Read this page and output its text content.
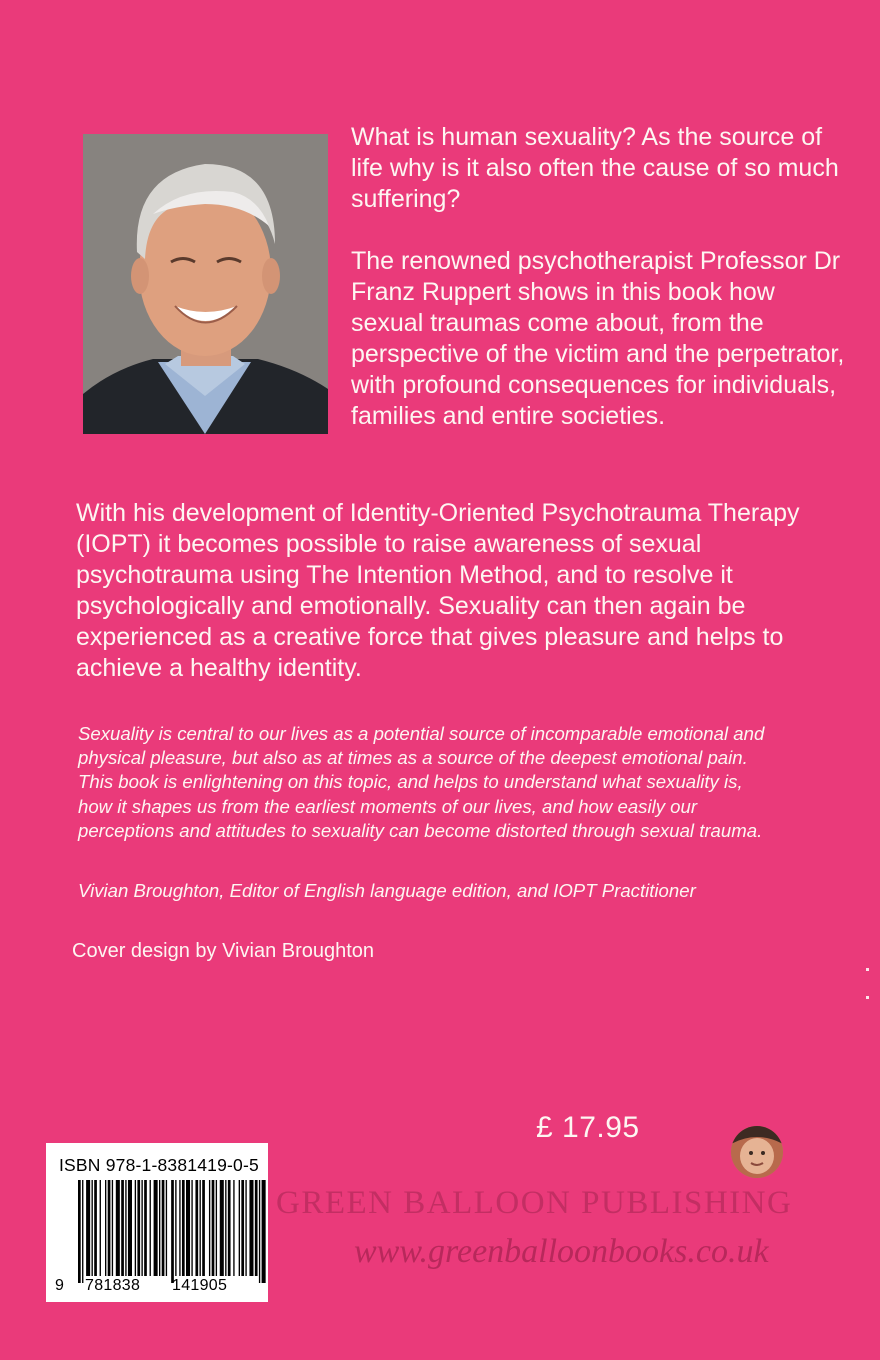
What is human sexuality? As the source of life why is it also often the cause of so much suffering?

The renowned psychotherapist Professor Dr Franz Ruppert shows in this book how sexual traumas come about, from the perspective of the victim and the perpetrator, with profound consequences for individuals, families and entire societies.

With his development of Identity-Oriented Psychotrauma Therapy (IOPT) it becomes possible to raise awareness of sexual psychotrauma using The Intention Method, and to resolve it psychologically and emotionally. Sexuality can then again be experienced as a creative force that gives pleasure and helps to achieve a healthy identity.

Sexuality is central to our lives as a potential source of incomparable emotional and physical pleasure, but also as at times as a source of the deepest emotional pain. This book is enlightening on this topic, and helps to understand what sexuality is, how it shapes us from the earliest moments of our lives, and how easily our perceptions and attitudes to sexuality can become distorted through sexual trauma.

Vivian Broughton, Editor of English language edition, and IOPT Practitioner

Cover design by Vivian Broughton
£ 17.95
GREEN BALLOON PUBLISHING
www.greenballoonbooks.co.uk
ISBN 978-1-8381419-0-5
9 781838 141905
